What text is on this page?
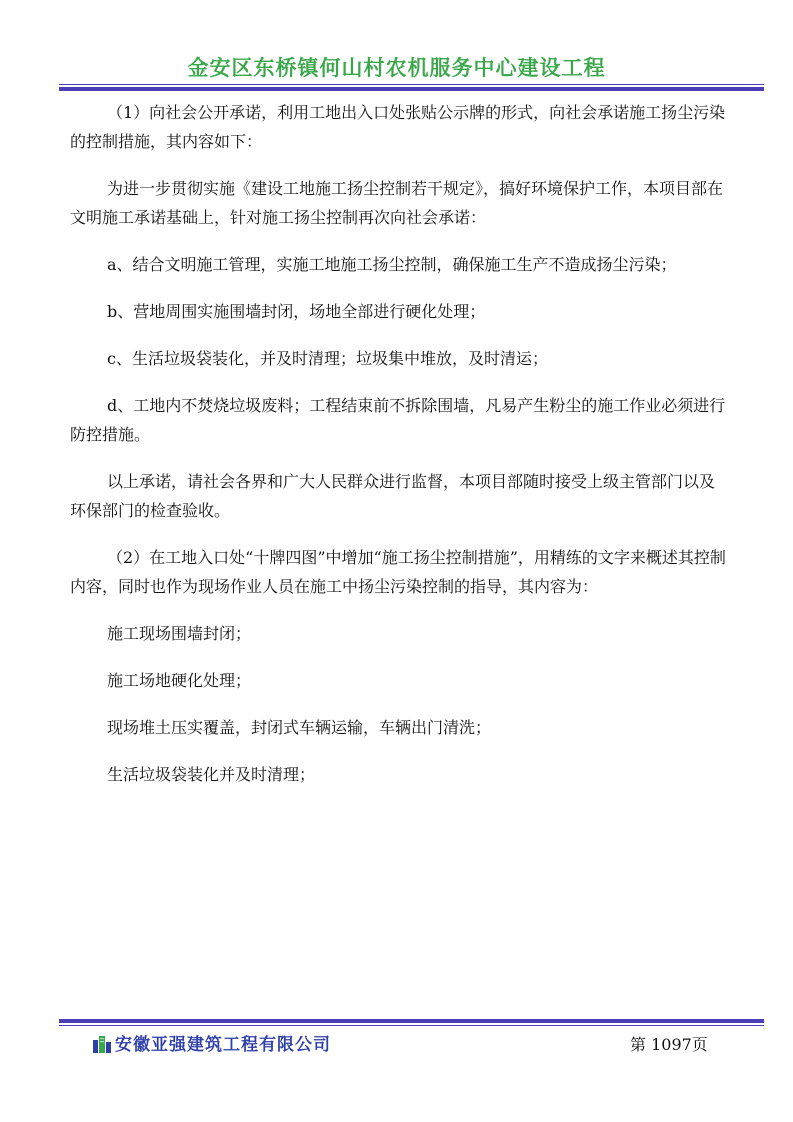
金安区东桥镇何山村农机服务中心建设工程

（1）向社会公开承诺，利用工地出入口处张贴公示牌的形式，向社会承诺施工扬尘污染的控制措施，其内容如下：

为进一步贯彻实施《建设工地施工扬尘控制若干规定》，搞好环境保护工作，本项目部在文明施工承诺基础上，针对施工扬尘控制再次向社会承诺：

a、结合文明施工管理，实施工地施工扬尘控制，确保施工生产不造成扬尘污染；

b、营地周围实施围墙封闭，场地全部进行硬化处理；

c、生活垃圾袋装化，并及时清理；垃圾集中堆放，及时清运；

d、工地内不焚烧垃圾废料；工程结束前不拆除围墙，凡易产生粉尘的施工作业必须进行防控措施。

以上承诺，请社会各界和广大人民群众进行监督，本项目部随时接受上级主管部门以及环保部门的检查验收。

（2）在工地入口处“十牌四图”中增加“施工扬尘控制措施”，用精练的文字来概述其控制内容，同时也作为现场作业人员在施工中扬尘污染控制的指导，其内容为：

施工现场围墙封闭；

施工场地硬化处理；

现场堆土压实覆盖，封闭式车辆运输，车辆出门清洗；

生活垃圾袋装化并及时清理；

安徽亚强建筑工程有限公司	第 1097页
